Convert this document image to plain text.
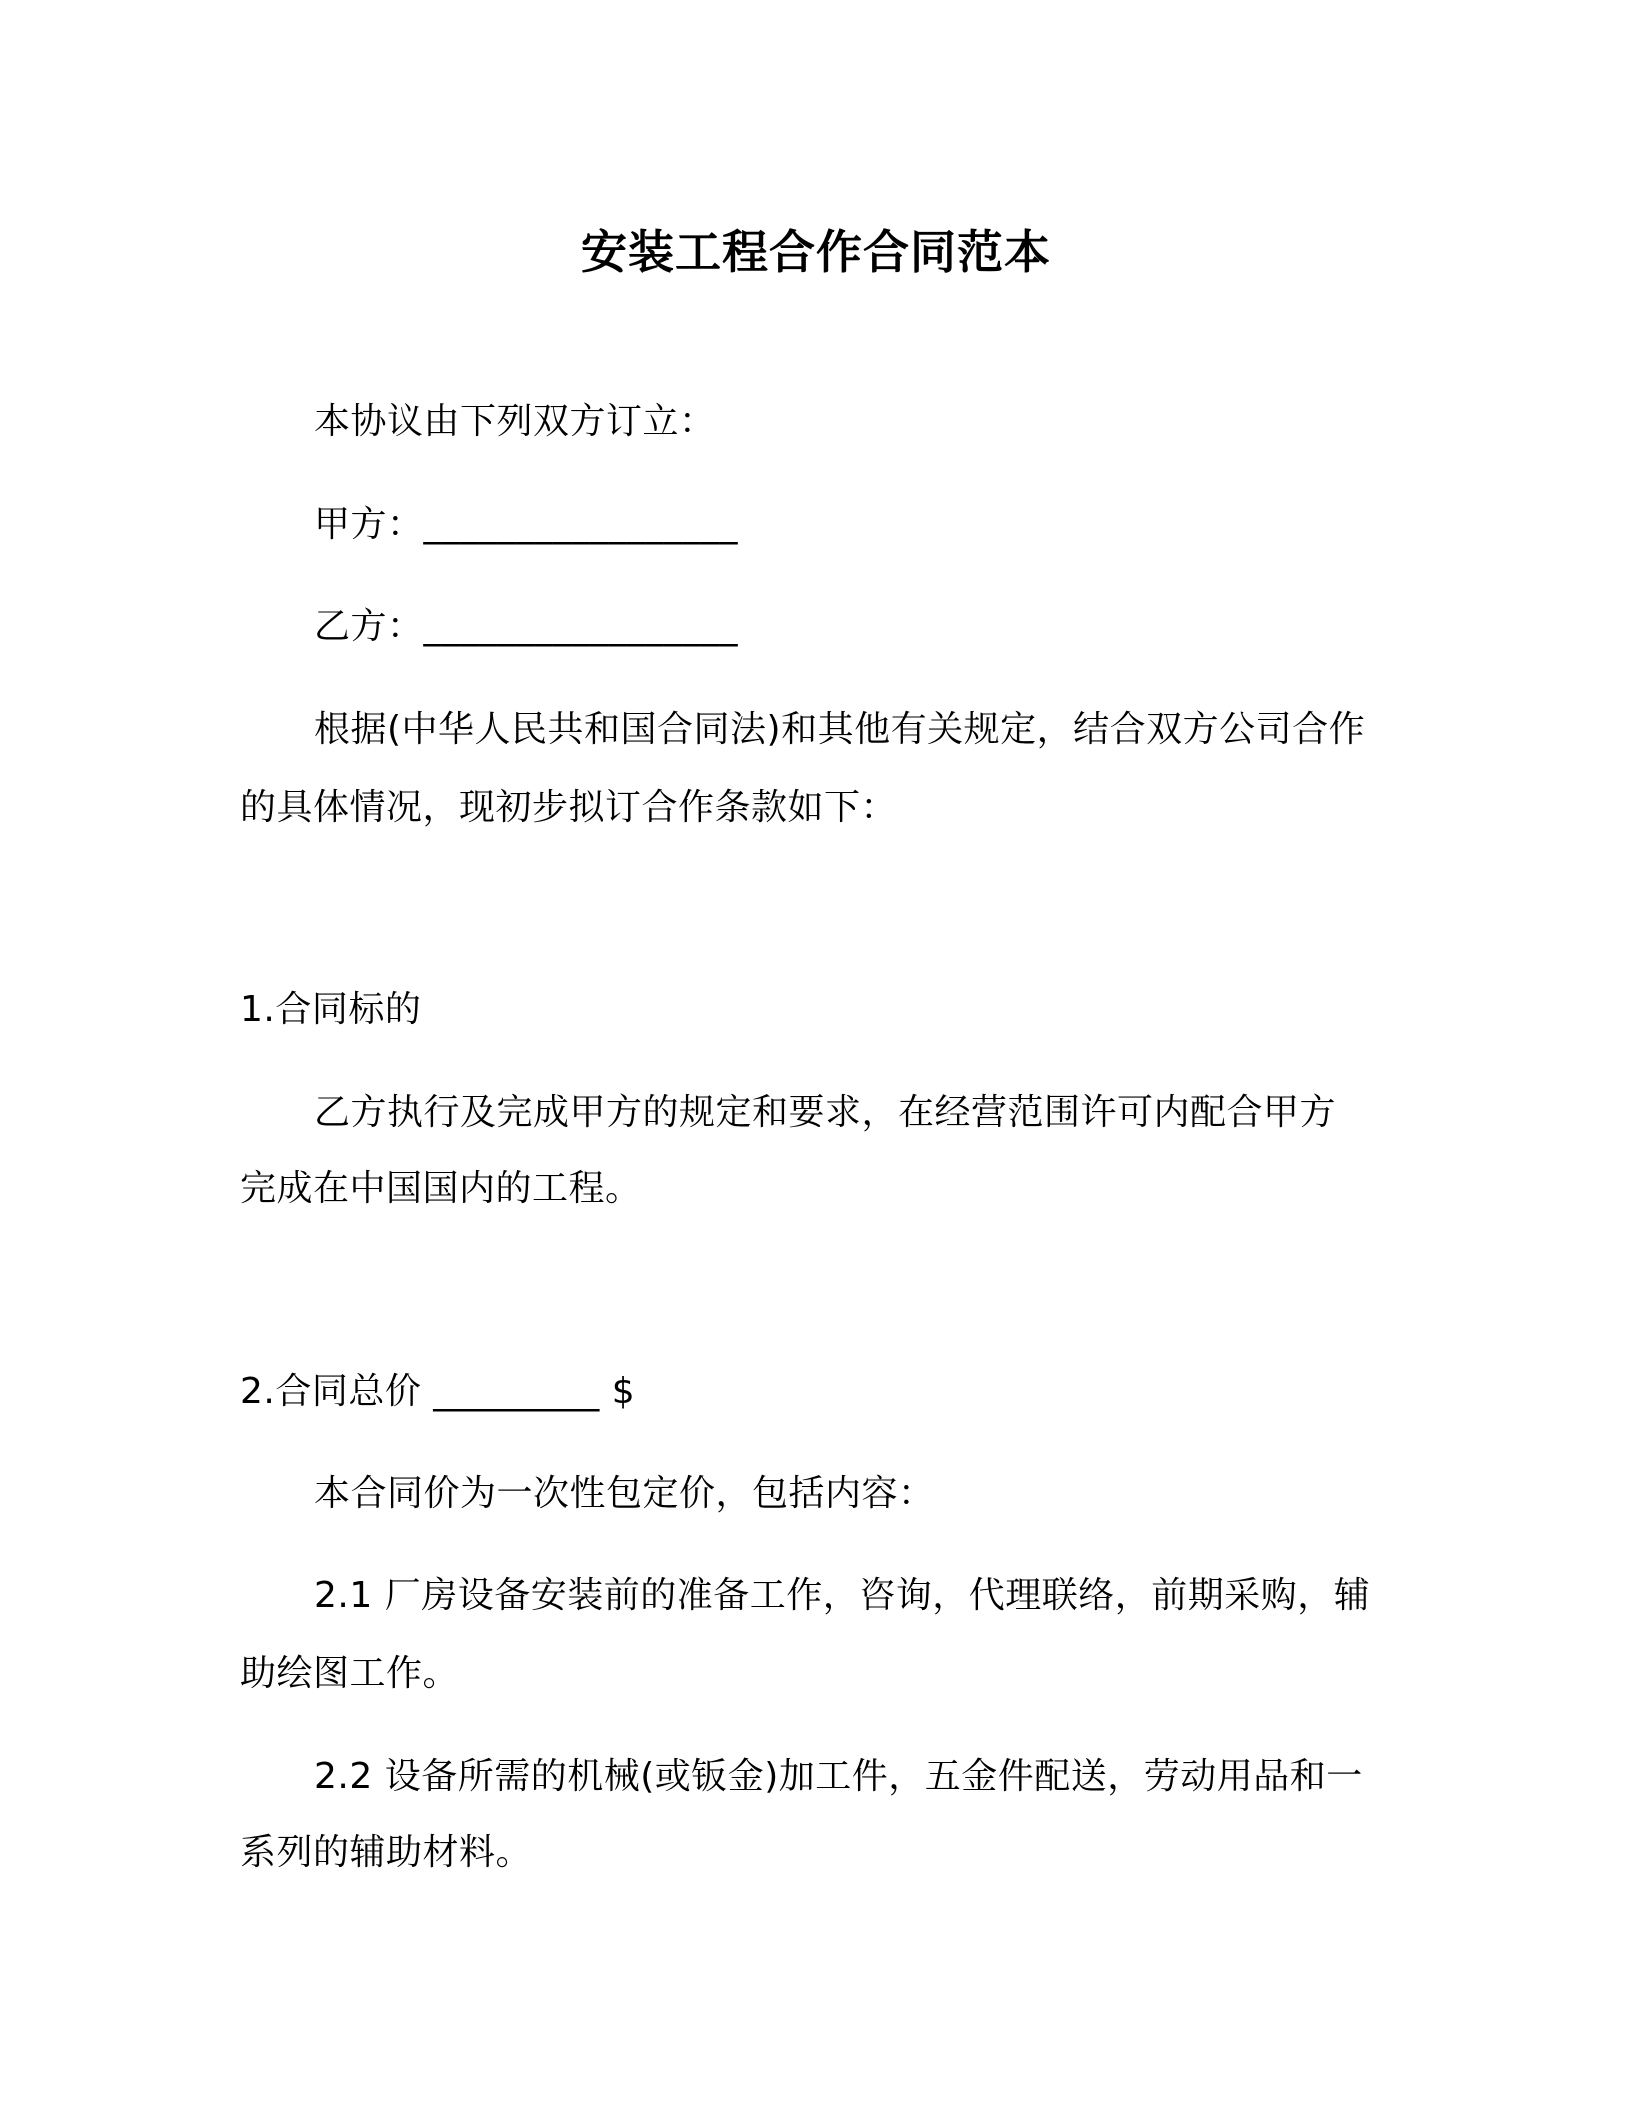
安装工程合作合同范本
本协议由下列双方订立：
甲方：_________________
乙方：_________________
根据(中华人民共和国合同法)和其他有关规定，结合双方公司合作
的具体情况，现初步拟订合作条款如下：
1.合同标的
乙方执行及完成甲方的规定和要求，在经营范围许可内配合甲方
完成在中国国内的工程。
2.合同总价 _________ $
本合同价为一次性包定价，包括内容：
2.1 厂房设备安装前的准备工作，咨询，代理联络，前期采购，辅
助绘图工作。
2.2 设备所需的机械(或钣金)加工件，五金件配送，劳动用品和一
系列的辅助材料。
